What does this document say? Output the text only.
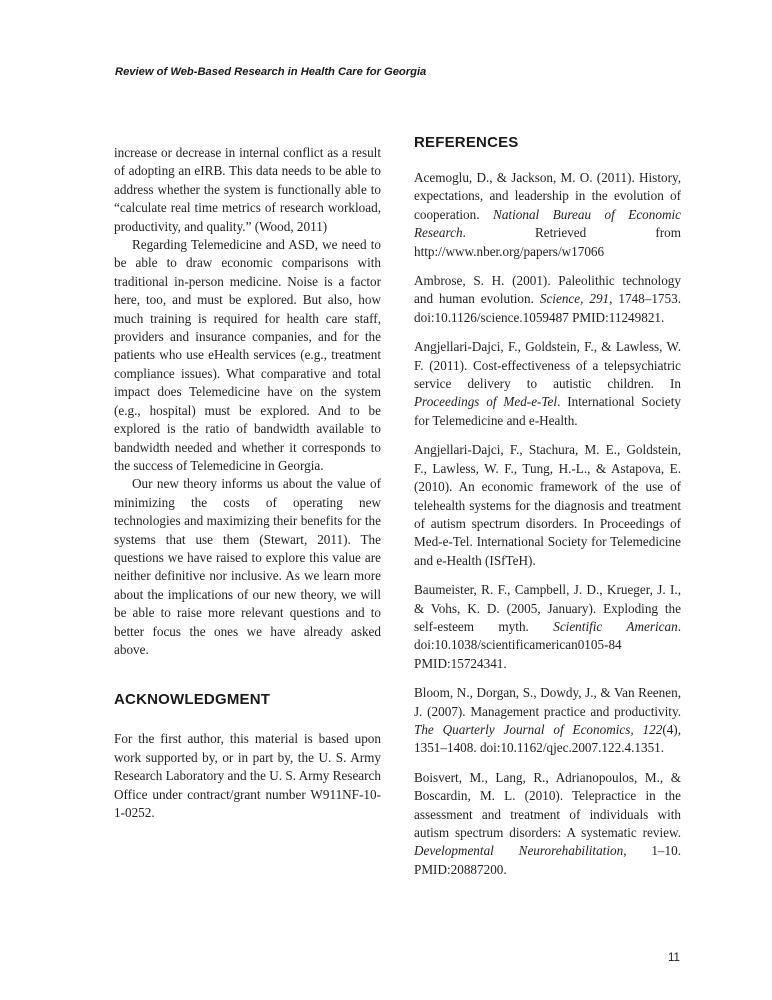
Review of Web-Based Research in Health Care for Georgia

increase or decrease in internal conflict as a result of adopting an eIRB. This data needs to be able to address whether the system is functionally able to “calculate real time metrics of research workload, productivity, and quality.” (Wood, 2011)

Regarding Telemedicine and ASD, we need to be able to draw economic comparisons with traditional in-person medicine. Noise is a factor here, too, and must be explored. But also, how much training is required for health care staff, providers and insurance companies, and for the patients who use eHealth services (e.g., treatment compliance issues). What comparative and total impact does Telemedicine have on the system (e.g., hospital) must be explored. And to be explored is the ratio of bandwidth available to bandwidth needed and whether it corresponds to the success of Telemedicine in Georgia.

Our new theory informs us about the value of minimizing the costs of operating new technologies and maximizing their benefits for the systems that use them (Stewart, 2011). The questions we have raised to explore this value are neither definitive nor inclusive. As we learn more about the implications of our new theory, we will be able to raise more relevant questions and to better focus the ones we have already asked above.

ACKNOWLEDGMENT

For the first author, this material is based upon work supported by, or in part by, the U. S. Army Research Laboratory and the U. S. Army Research Office under contract/grant number W911NF-10-1-0252.

REFERENCES

Acemoglu, D., & Jackson, M. O. (2011). History, expectations, and leadership in the evolution of cooperation. National Bureau of Economic Research. Retrieved from http://www.nber.org/papers/w17066

Ambrose, S. H. (2001). Paleolithic technology and human evolution. Science, 291, 1748–1753. doi:10.1126/science.1059487 PMID:11249821.

Angjellari-Dajci, F., Goldstein, F., & Lawless, W. F. (2011). Cost-effectiveness of a telepsychiatric service delivery to autistic children. In Proceedings of Med-e-Tel. International Society for Telemedicine and e-Health.

Angjellari-Dajci, F., Stachura, M. E., Goldstein, F., Lawless, W. F., Tung, H.-L., & Astapova, E. (2010). An economic framework of the use of telehealth systems for the diagnosis and treatment of autism spectrum disorders. In Proceedings of Med-e-Tel. International Society for Telemedicine and e-Health (ISfTeH).

Baumeister, R. F., Campbell, J. D., Krueger, J. I., & Vohs, K. D. (2005, January). Exploding the self-esteem myth. Scientific American. doi:10.1038/scientificamerican0105-84 PMID:15724341.

Bloom, N., Dorgan, S., Dowdy, J., & Van Reenen, J. (2007). Management practice and productivity. The Quarterly Journal of Economics, 122(4), 1351–1408. doi:10.1162/qjec.2007.122.4.1351.

Boisvert, M., Lang, R., Adrianopoulos, M., & Boscardin, M. L. (2010). Telepractice in the assessment and treatment of individuals with autism spectrum disorders: A systematic review. Developmental Neurorehabilitation, 1–10. PMID:20887200.

11
